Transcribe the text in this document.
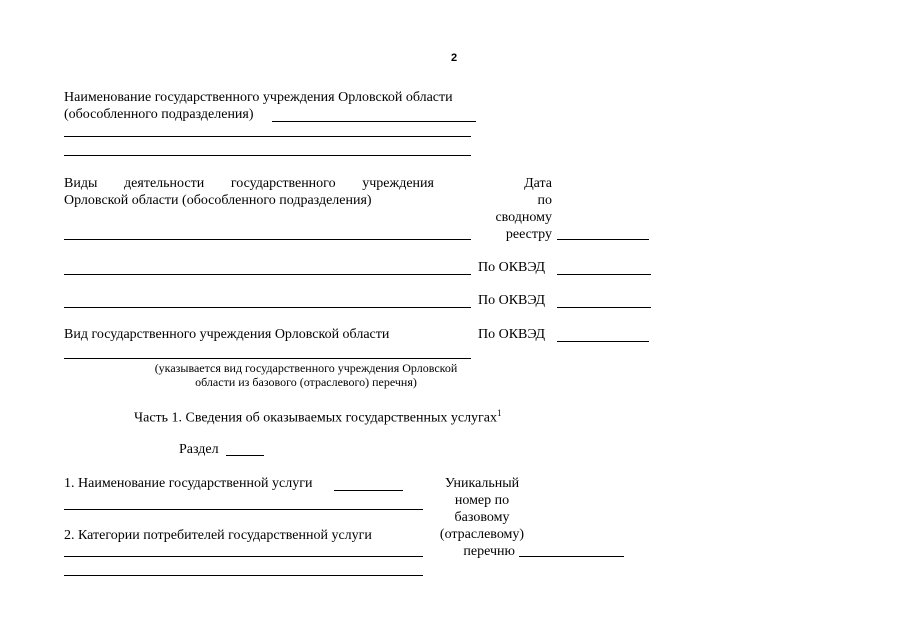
2
Наименование государственного учреждения Орловской области
(обособленного подразделения)
Виды деятельности государственного учреждения
Орловской области (обособленного подразделения)
Дата
по
сводному
реестру
По ОКВЭД
По ОКВЭД
Вид государственного учреждения Орловской области	По ОКВЭД
(указывается вид государственного учреждения Орловской
области из базового (отраслевого) перечня)
Часть 1. Сведения об оказываемых государственных услугах$^1$
Раздел
1. Наименование государственной услуги
2. Категории потребителей государственной услуги
Уникальный
номер по
базовому
(отраслевому)
перечню
